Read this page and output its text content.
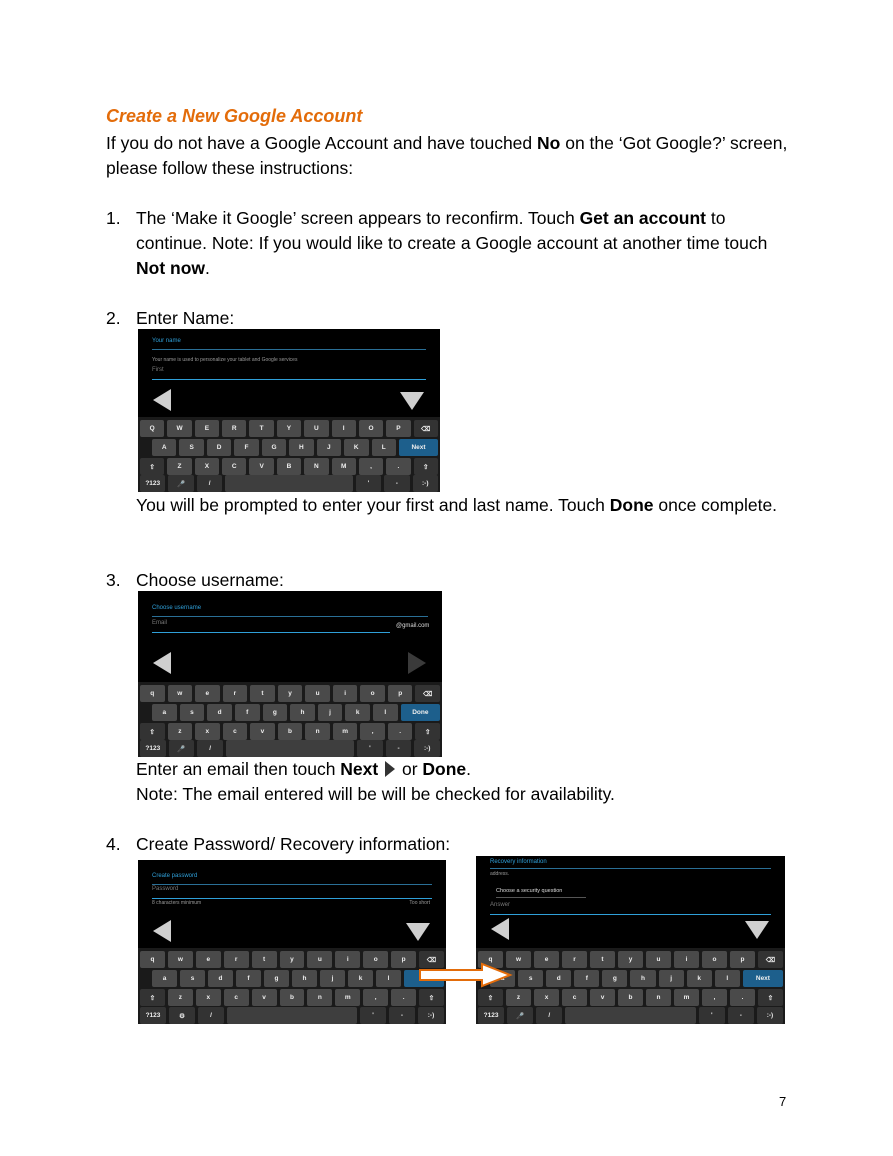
Create a New Google Account
If you do not have a Google Account and have touched No on the ‘Got Google?’ screen, please follow these instructions:
1. The ‘Make it Google’ screen appears to reconfirm. Touch Get an account to continue. Note: If you would like to create a Google account at another time touch Not now.
2. Enter Name:
Your name
Your name is used to personalize your tablet and Google services
First
Q	W	E	R	T	Y	U	I	O	P	⌫
A	S	D	F	G	H	J	K	L	Next
⇧	Z	X	C	V	B	N	M	,	.	⇧
?123	🎤	/	'	-	:-)
You will be prompted to enter your first and last name. Touch Done once complete.
3. Choose username:
Choose username
Email	@gmail.com
q	w	e	r	t	y	u	i	o	p	⌫
a	s	d	f	g	h	j	k	l	Done
⇧	z	x	c	v	b	n	m	,	.	⇧
?123	🎤	/	'	-	:-)
Enter an email then touch Next  or Done.
Note: The email entered will be will be checked for availability.
4. Create Password/ Recovery information:
Create password
Password
8 characters minimum	Too short
q	w	e	r	t	y	u	i	o	p	⌫
a	s	d	f	g	h	j	k	l
⇧	z	x	c	v	b	n	m	,	.	⇧
?123	⚙	/	'	-	:-)
Recovery information
address.
Choose a security question
Answer
q	w	e	r	t	y	u	i	o	p	⌫
s	d	f	g	h	j	k	l	Next
⇧	z	x	c	v	b	n	m	,	.	⇧
?123	🎤	/	'	-	:-)
7
